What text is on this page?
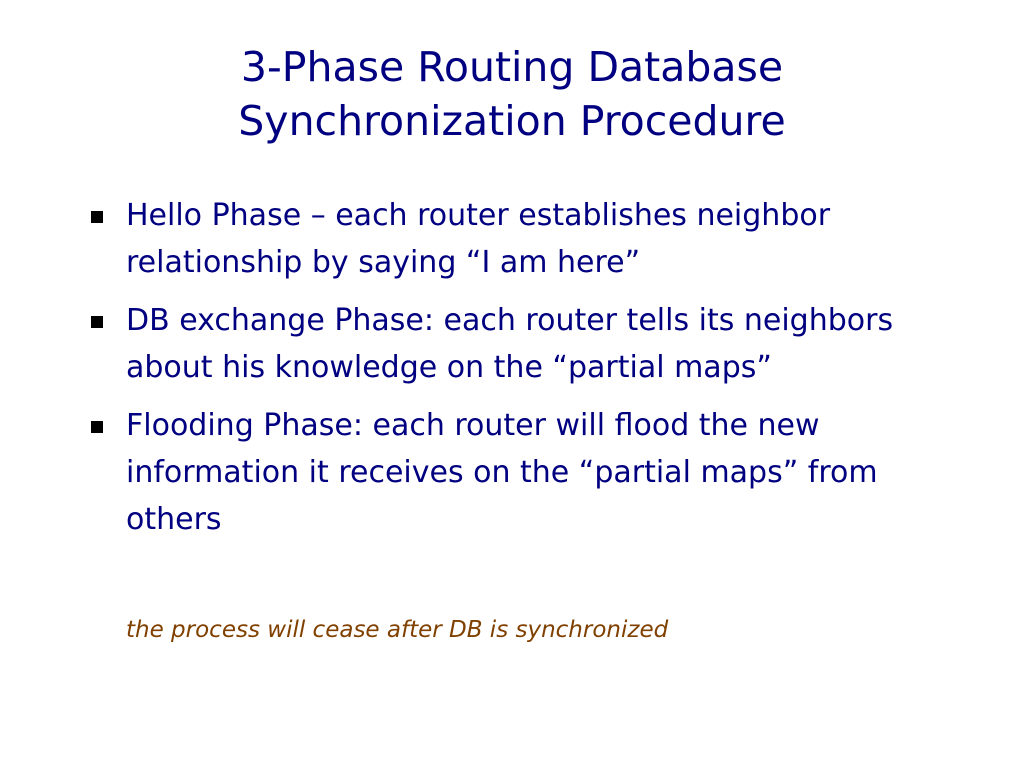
3-Phase Routing Database
Synchronization Procedure
Hello Phase – each router establishes neighbor relationship by saying “I am here”
DB exchange Phase: each router tells its neighbors about his knowledge on the “partial maps”
Flooding Phase: each router will flood the new information it receives on the “partial maps” from others
the process will cease after DB is synchronized
